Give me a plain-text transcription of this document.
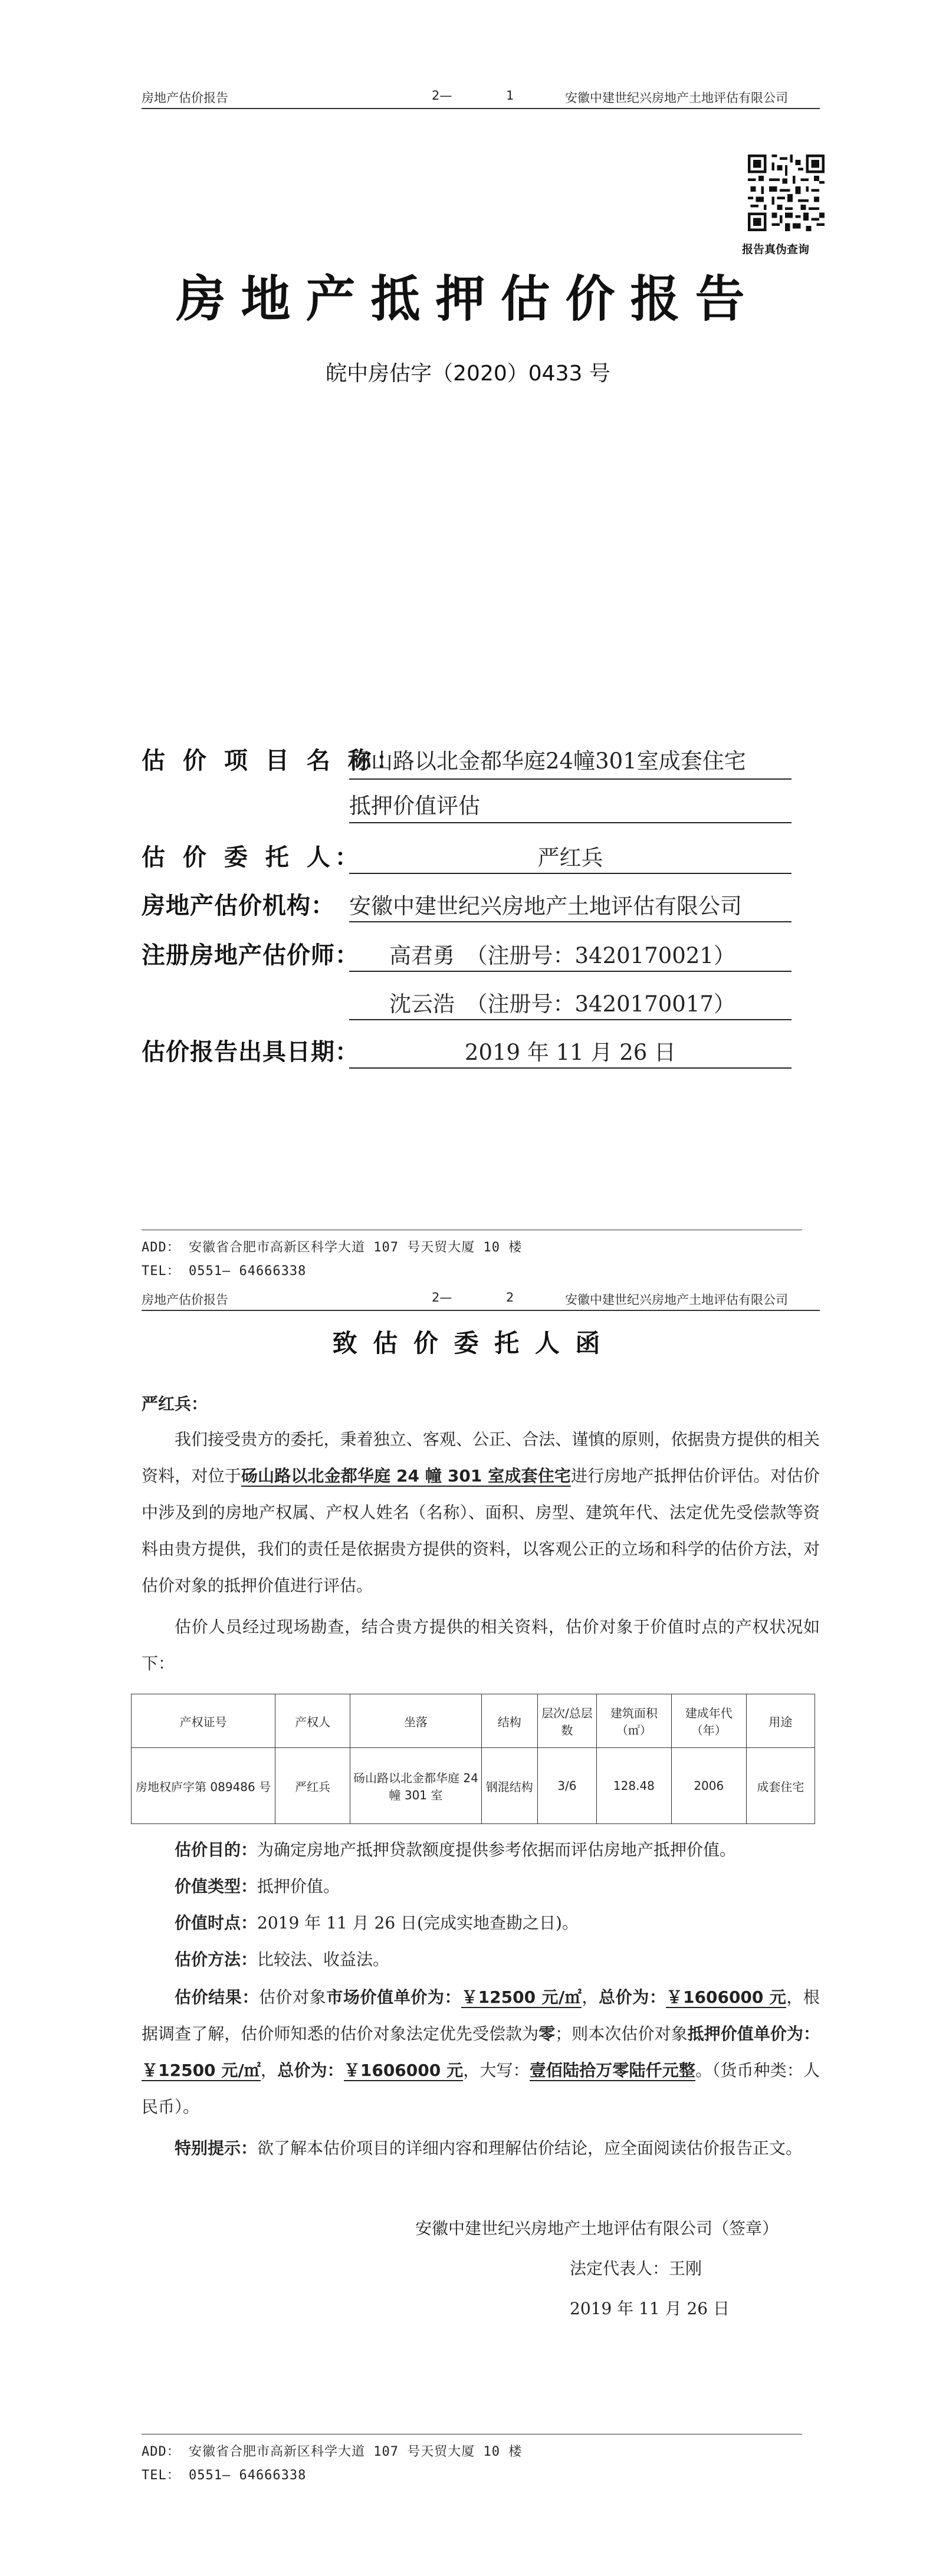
房地产估价报告	2—	1	安徽中建世纪兴房地产土地评估有限公司
报告真伪查询
房地产抵押估价报告
皖中房估字（2020）0433 号
估 价 项 目 名 称：
砀山路以北金都华庭24幢301室成套住宅
抵押价值评估
估 价 委 托 人：	严红兵
房地产估价机构： 安徽中建世纪兴房地产土地评估有限公司
注册房地产估价师： 高君勇　（注册号：3420170021）
沈云浩　（注册号：3420170017）
估价报告出具日期：	2019 年 11 月 26 日
ADD： 安徽省合肥市高新区科学大道 107 号天贸大厦 10 楼
TEL： 0551— 64666338
房地产估价报告	2—	2	安徽中建世纪兴房地产土地评估有限公司
致 估 价 委 托 人 函
严红兵：
我们接受贵方的委托，秉着独立、客观、公正、合法、谨慎的原则，依据贵方提供的相关资料，对位于砀山路以北金都华庭 24 幢 301 室成套住宅进行房地产抵押估价评估。对估价中涉及到的房地产权属、产权人姓名（名称）、面积、房型、建筑年代、法定优先受偿款等资料由贵方提供，我们的责任是依据贵方提供的资料，以客观公正的立场和科学的估价方法，对估价对象的抵押价值进行评估。
估价人员经过现场勘查，结合贵方提供的相关资料，估价对象于价值时点的产权状况如下：
产权证号	产权人	坐落	结构	层次/总层数	建筑面积（㎡）	建成年代（年）	用途
房地权庐字第 089486 号	严红兵	砀山路以北金都华庭 24 幢 301 室	钢混结构	3/6	128.48	2006	成套住宅
估价目的：为确定房地产抵押贷款额度提供参考依据而评估房地产抵押价值。
价值类型：抵押价值。
价值时点：2019 年 11 月 26 日(完成实地查勘之日)。
估价方法：比较法、收益法。
估价结果：估价对象市场价值单价为：￥12500 元/㎡，总价为：￥1606000 元，根据调查了解，估价师知悉的估价对象法定优先受偿款为零；则本次估价对象抵押价值单价为：￥12500 元/㎡，总价为：￥1606000 元，大写：壹佰陆拾万零陆仟元整。（货币种类：人民币）。
特别提示：欲了解本估价项目的详细内容和理解估价结论，应全面阅读估价报告正文。
安徽中建世纪兴房地产土地评估有限公司（签章）
法定代表人：王刚
2019 年 11 月 26 日
ADD： 安徽省合肥市高新区科学大道 107 号天贸大厦 10 楼
TEL： 0551— 64666338
